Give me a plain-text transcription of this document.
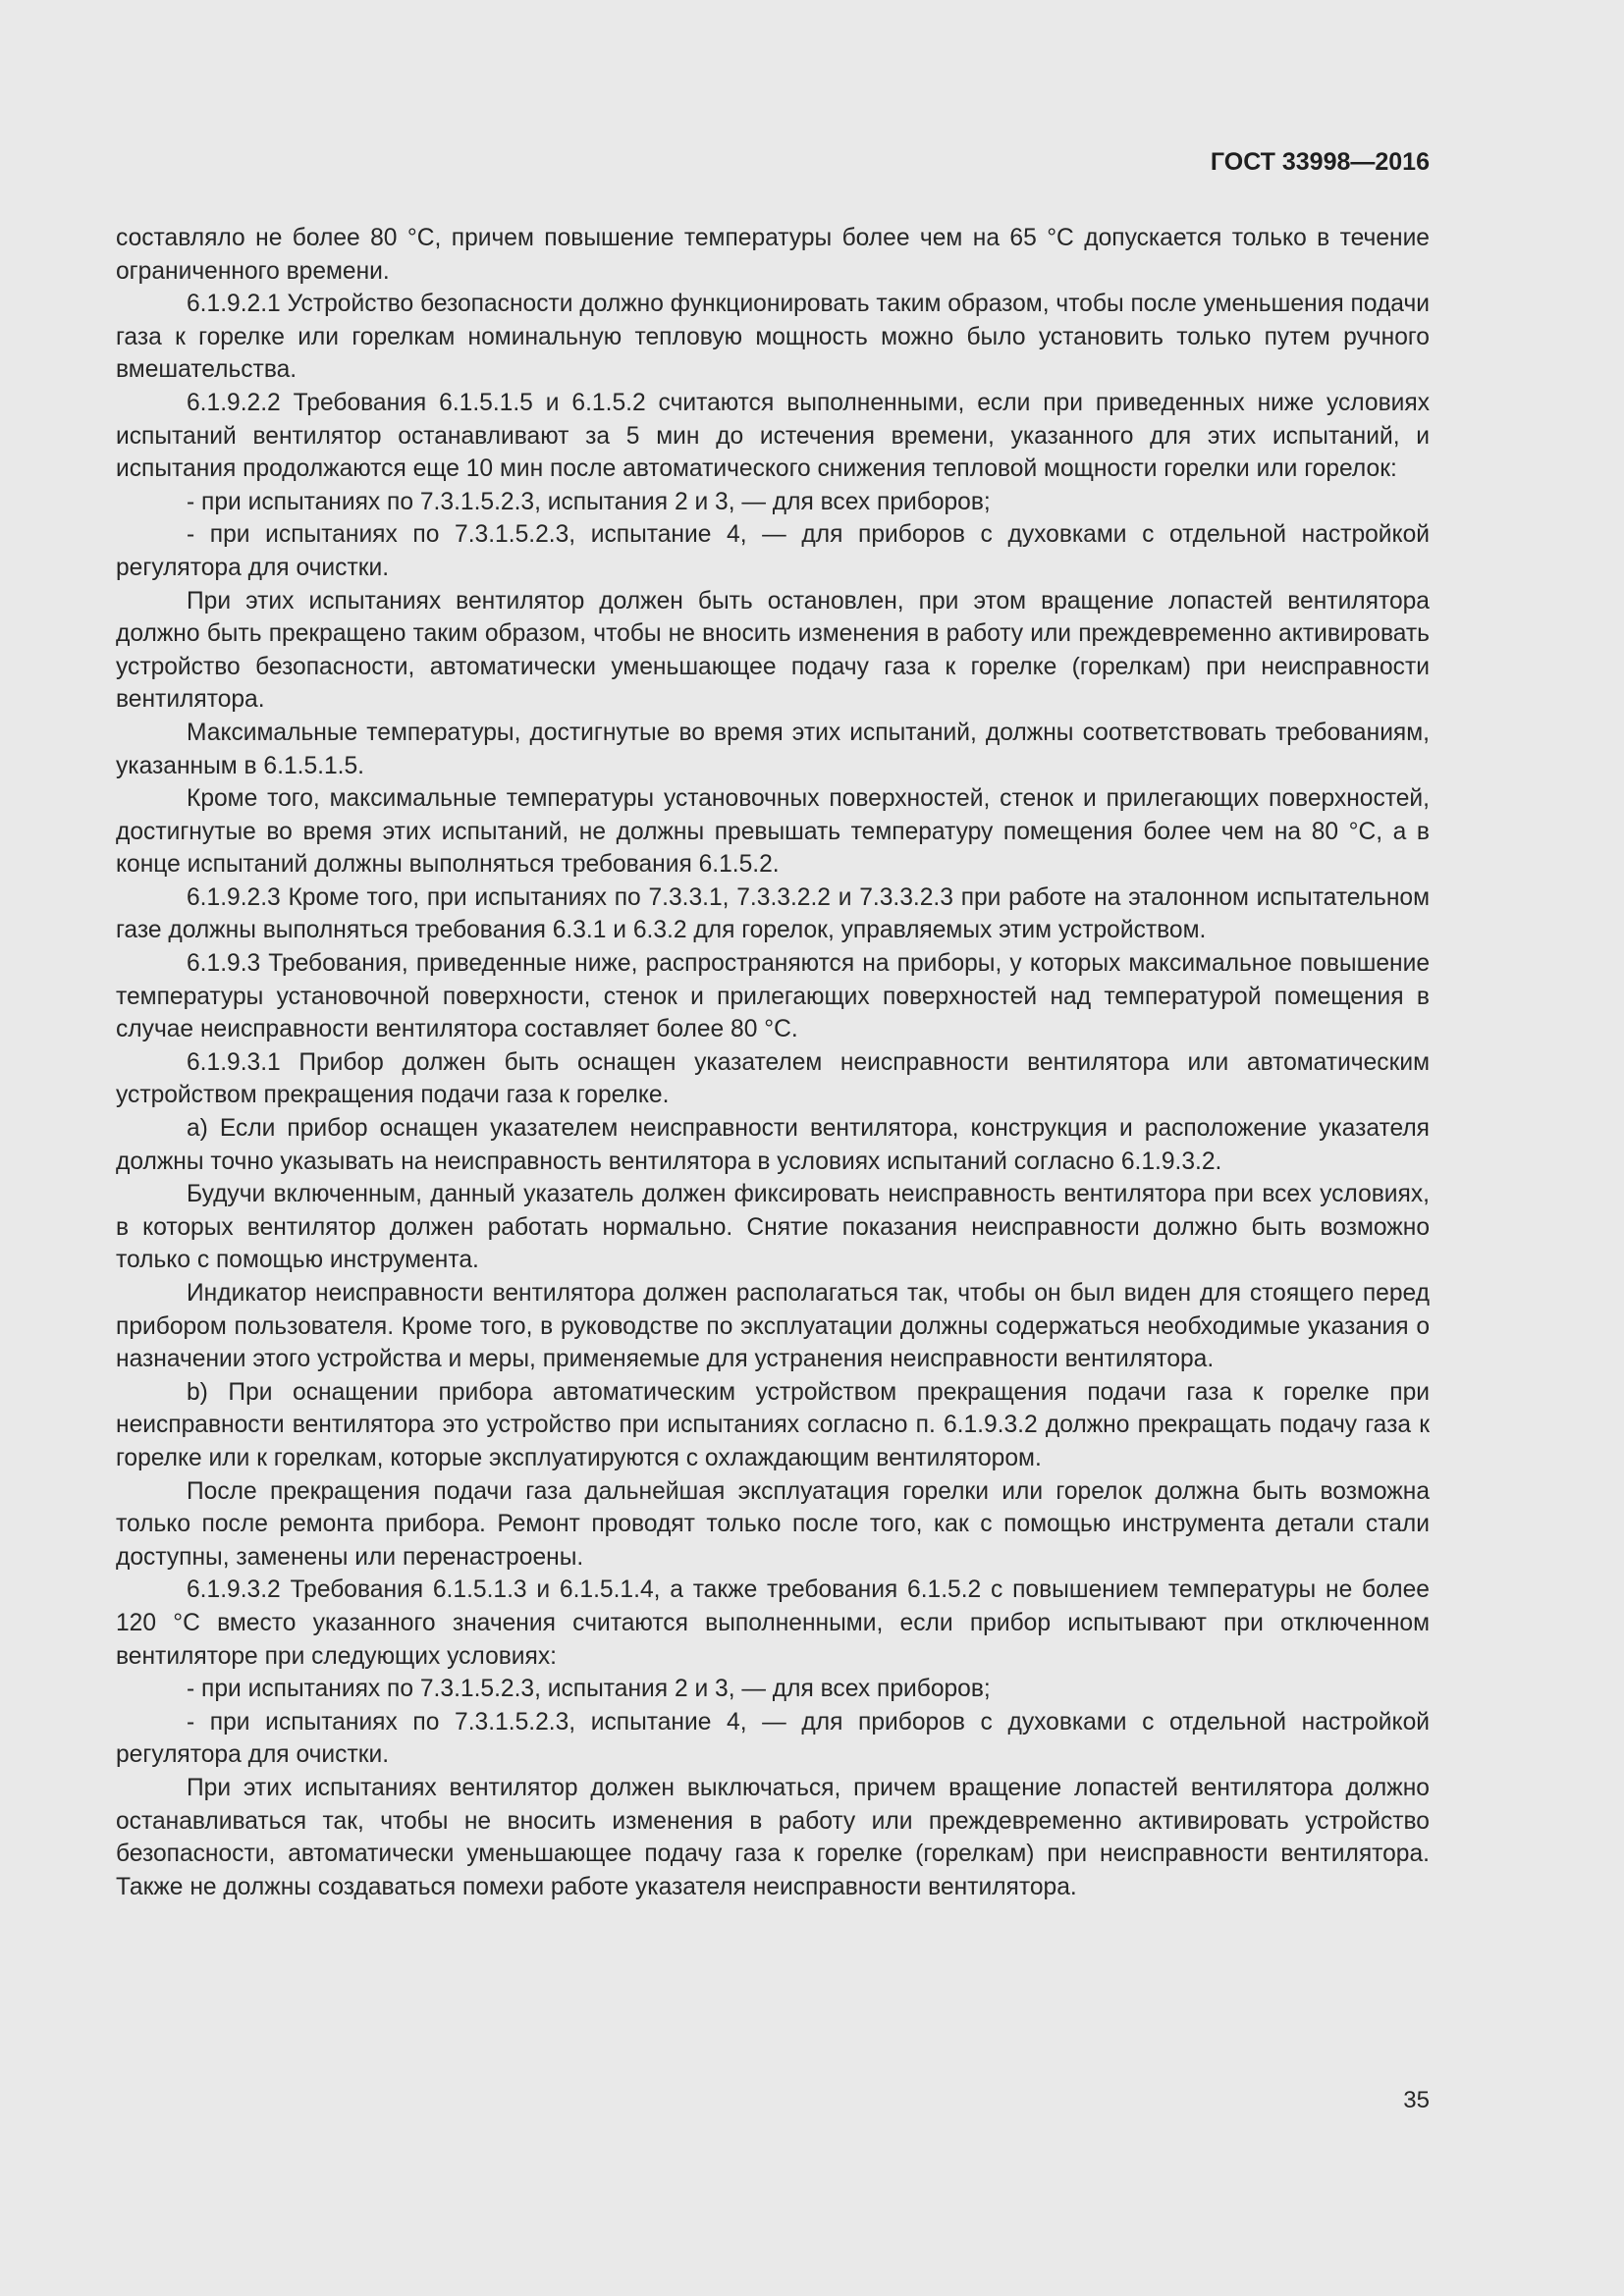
ГОСТ 33998—2016

составляло не более 80 °С, причем повышение температуры более чем на 65 °С допускается только в течение ограниченного времени.

6.1.9.2.1 Устройство безопасности должно функционировать таким образом, чтобы после уменьшения подачи газа к горелке или горелкам номинальную тепловую мощность можно было установить только путем ручного вмешательства.

6.1.9.2.2 Требования 6.1.5.1.5 и 6.1.5.2 считаются выполненными, если при приведенных ниже условиях испытаний вентилятор останавливают за 5 мин до истечения времени, указанного для этих испытаний, и испытания продолжаются еще 10 мин после автоматического снижения тепловой мощности горелки или горелок:

- при испытаниях по 7.3.1.5.2.3, испытания 2 и 3, — для всех приборов;

- при испытаниях по 7.3.1.5.2.3, испытание 4, — для приборов с духовками с отдельной настройкой регулятора для очистки.

При этих испытаниях вентилятор должен быть остановлен, при этом вращение лопастей вентилятора должно быть прекращено таким образом, чтобы не вносить изменения в работу или преждевременно активировать устройство безопасности, автоматически уменьшающее подачу газа к горелке (горелкам) при неисправности вентилятора.

Максимальные температуры, достигнутые во время этих испытаний, должны соответствовать требованиям, указанным в 6.1.5.1.5.

Кроме того, максимальные температуры установочных поверхностей, стенок и прилегающих поверхностей, достигнутые во время этих испытаний, не должны превышать температуру помещения более чем на 80 °С, а в конце испытаний должны выполняться требования 6.1.5.2.

6.1.9.2.3 Кроме того, при испытаниях по 7.3.3.1, 7.3.3.2.2 и 7.3.3.2.3 при работе на эталонном испытательном газе должны выполняться требования 6.3.1 и 6.3.2 для горелок, управляемых этим устройством.

6.1.9.3 Требования, приведенные ниже, распространяются на приборы, у которых максимальное повышение температуры установочной поверхности, стенок и прилегающих поверхностей над температурой помещения в случае неисправности вентилятора составляет более 80 °С.

6.1.9.3.1 Прибор должен быть оснащен указателем неисправности вентилятора или автоматическим устройством прекращения подачи газа к горелке.

а) Если прибор оснащен указателем неисправности вентилятора, конструкция и расположение указателя должны точно указывать на неисправность вентилятора в условиях испытаний согласно 6.1.9.3.2.

Будучи включенным, данный указатель должен фиксировать неисправность вентилятора при всех условиях, в которых вентилятор должен работать нормально. Снятие показания неисправности должно быть возможно только с помощью инструмента.

Индикатор неисправности вентилятора должен располагаться так, чтобы он был виден для стоящего перед прибором пользователя. Кроме того, в руководстве по эксплуатации должны содержаться необходимые указания о назначении этого устройства и меры, применяемые для устранения неисправности вентилятора.

b) При оснащении прибора автоматическим устройством прекращения подачи газа к горелке при неисправности вентилятора это устройство при испытаниях согласно п. 6.1.9.3.2 должно прекращать подачу газа к горелке или к горелкам, которые эксплуатируются с охлаждающим вентилятором.

После прекращения подачи газа дальнейшая эксплуатация горелки или горелок должна быть возможна только после ремонта прибора. Ремонт проводят только после того, как с помощью инструмента детали стали доступны, заменены или перенастроены.

6.1.9.3.2 Требования 6.1.5.1.3 и 6.1.5.1.4, а также требования 6.1.5.2 с повышением температуры не более 120 °С вместо указанного значения считаются выполненными, если прибор испытывают при отключенном вентиляторе при следующих условиях:

- при испытаниях по 7.3.1.5.2.3, испытания 2 и 3, — для всех приборов;

- при испытаниях по 7.3.1.5.2.3, испытание 4, — для приборов с духовками с отдельной настройкой регулятора для очистки.

При этих испытаниях вентилятор должен выключаться, причем вращение лопастей вентилятора должно останавливаться так, чтобы не вносить изменения в работу или преждевременно активировать устройство безопасности, автоматически уменьшающее подачу газа к горелке (горелкам) при неисправности вентилятора. Также не должны создаваться помехи работе указателя неисправности вентилятора.

35
